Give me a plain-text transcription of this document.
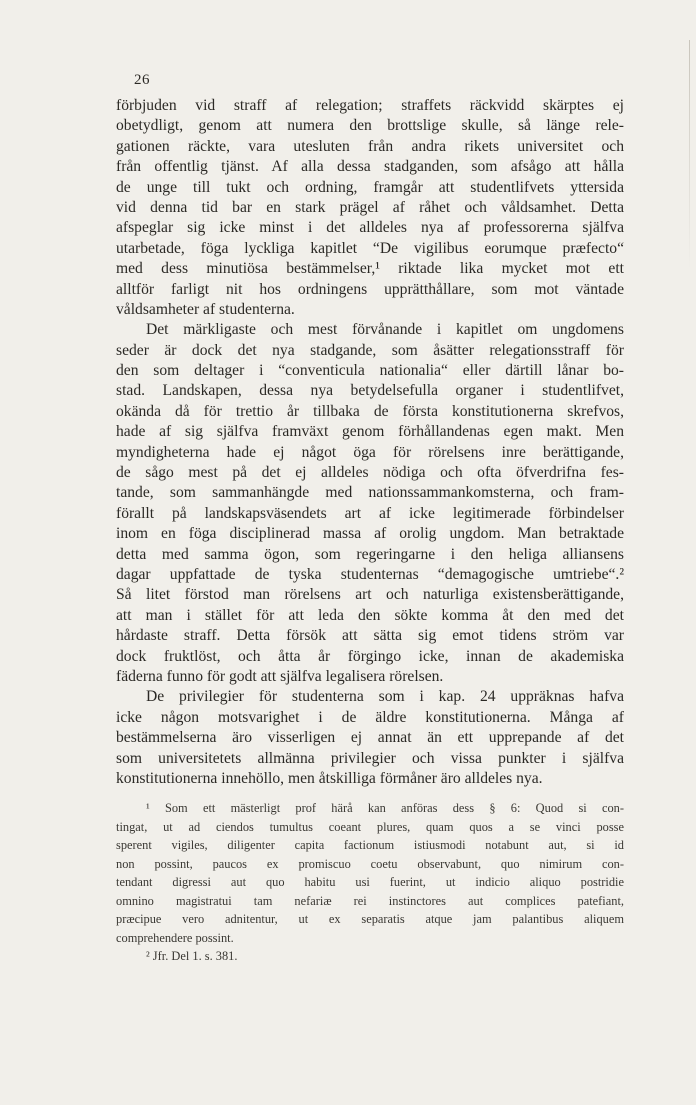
26
förbjuden vid straff af relegation; straffets räckvidd skärptes ej
obetydligt, genom att numera den brottslige skulle, så länge rele-
gationen räckte, vara utesluten från andra rikets universitet och
från offentlig tjänst. Af alla dessa stadganden, som afsågo att hålla
de unge till tukt och ordning, framgår att studentlifvets yttersida
vid denna tid bar en stark prägel af råhet och våldsamhet. Detta
afspeglar sig icke minst i det alldeles nya af professorerna själfva
utarbetade, föga lyckliga kapitlet “De vigilibus eorumque præfecto“
med dess minutiösa bestämmelser,¹ riktade lika mycket mot ett
alltför farligt nit hos ordningens upprätthållare, som mot väntade
våldsamheter af studenterna.
Det märkligaste och mest förvånande i kapitlet om ungdomens
seder är dock det nya stadgande, som åsätter relegationsstraff för
den som deltager i “conventicula nationalia“ eller därtill lånar bo-
stad. Landskapen, dessa nya betydelsefulla organer i studentlifvet,
okända då för trettio år tillbaka de första konstitutionerna skrefvos,
hade af sig själfva framväxt genom förhållandenas egen makt. Men
myndigheterna hade ej något öga för rörelsens inre berättigande,
de sågo mest på det ej alldeles nödiga och ofta öfverdrifna fes-
tande, som sammanhängde med nationssammankomsterna, och fram-
förallt på landskapsväsendets art af icke legitimerade förbindelser
inom en föga disciplinerad massa af orolig ungdom. Man betraktade
detta med samma ögon, som regeringarne i den heliga alliansens
dagar uppfattade de tyska studenternas “demagogische umtriebe“.²
Så litet förstod man rörelsens art och naturliga existensberättigande,
att man i stället för att leda den sökte komma åt den med det
hårdaste straff. Detta försök att sätta sig emot tidens ström var
dock fruktlöst, och åtta år förgingo icke, innan de akademiska
fäderna funno för godt att själfva legalisera rörelsen.
De privilegier för studenterna som i kap. 24 uppräknas hafva
icke någon motsvarighet i de äldre konstitutionerna. Många af
bestämmelserna äro visserligen ej annat än ett upprepande af det
som universitetets allmänna privilegier och vissa punkter i själfva
konstitutionerna innehöllo, men åtskilliga förmåner äro alldeles nya.
¹ Som ett mästerligt prof härå kan anföras dess § 6: Quod si con-
tingat, ut ad ciendos tumultus coeant plures, quam quos a se vinci posse
sperent vigiles, diligenter capita factionum istiusmodi notabunt aut, si id
non possint, paucos ex promiscuo coetu observabunt, quo nimirum con-
tendant digressi aut quo habitu usi fuerint, ut indicio aliquo postridie
omnino magistratui tam nefariæ rei instinctores aut complices patefiant,
præcipue vero adnitentur, ut ex separatis atque jam palantibus aliquem
comprehendere possint.
² Jfr. Del 1. s. 381.
